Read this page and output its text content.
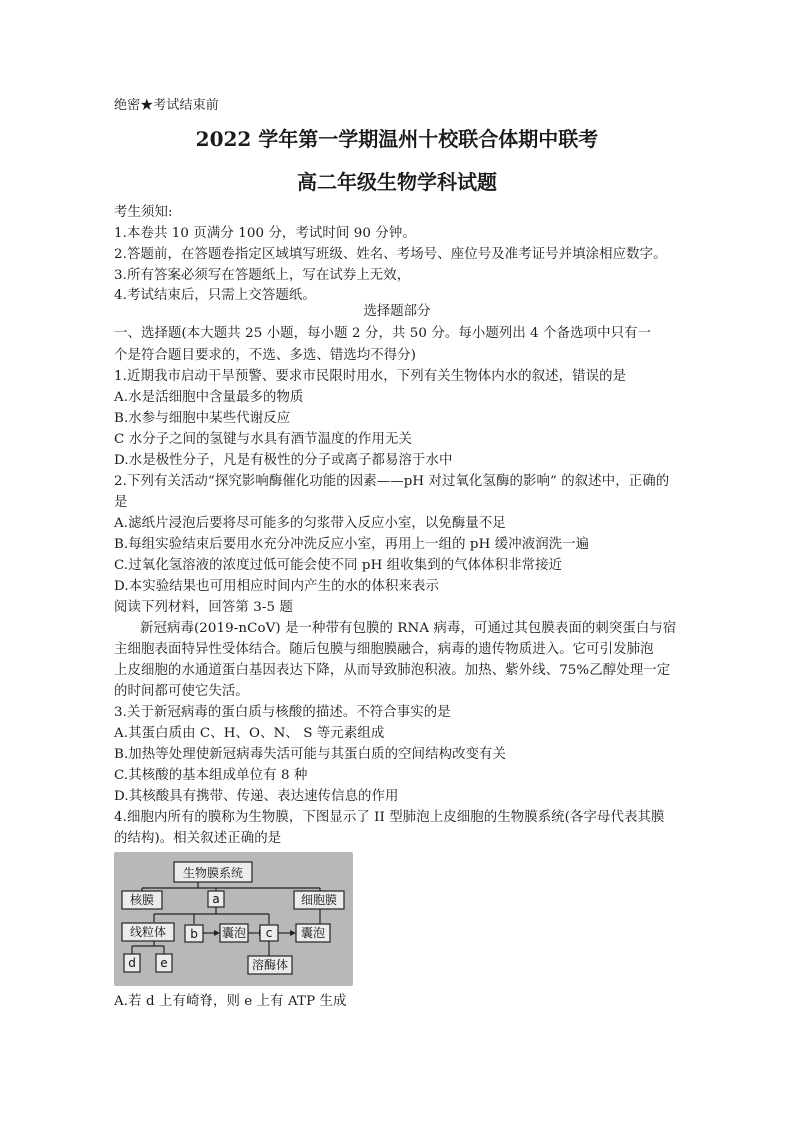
绝密★考试结束前
2022 学年第一学期温州十校联合体期中联考
高二年级生物学科试题
考生须知:
1.本卷共 10 页满分 100 分，考试时间 90 分钟。
2.答题前，在答题卷指定区域填写班级、姓名、考场号、座位号及准考证号并填涂相应数字。
3.所有答案必须写在答题纸上，写在试券上无效，
4.考试结束后，只需上交答题纸。
选择题部分
一、选择题(本大题共 25 小题，每小题 2 分，共 50 分。每小题列出 4 个备选项中只有一
个是符合题目要求的，不选、多选、错选均不得分)
1.近期我市启动干旱预警、要求市民限时用水，下列有关生物体内水的叙述，错误的是
A.水是活细胞中含量最多的物质
B.水参与细胞中某些代谢反应
C 水分子之间的氢键与水具有酒节温度的作用无关
D.水是极性分子，凡是有极性的分子或离子都易溶于水中
2.下列有关活动“探究影响酶催化功能的因素——pH 对过氧化氢酶的影响” 的叙述中，正确的
是
A.滤纸片浸泡后要将尽可能多的匀浆带入反应小室，以免酶量不足
B.每组实验结束后要用水充分冲洗反应小室，再用上一组的 pH 缓冲液润洗一遍
C.过氧化氢溶液的浓度过低可能会使不同 pH 组收集到的气体体积非常接近
D.本实验结果也可用相应时间内产生的水的体积来表示
阅读下列材料，回答第 3-5 题
新冠病毒(2019-nCoV) 是一种带有包膜的 RNA 病毒，可通过其包膜表面的刺突蛋白与宿
主细胞表面特异性受体结合。随后包膜与细胞膜融合，病毒的遗传物质进入。它可引发肺泡
上皮细胞的水通道蛋白基因表达下降，从而导致肺泡积液。加热、紫外线、75%乙醇处理一定
的时间都可使它失活。
3.关于新冠病毒的蛋白质与核酸的描述。不符合事实的是
A.其蛋白质由 C、H、O、N、 S 等元素组成
B.加热等处理使新冠病毒失活可能与其蛋白质的空间结构改变有关
C.其核酸的基本组成单位有 8 种
D.其核酸具有携带、传递、表达速传信息的作用
4.细胞内所有的膜称为生物膜，下图显示了 II 型肺泡上皮细胞的生物膜系统(各字母代表其膜
的结构)。相关叙述正确的是
生物膜系统
核膜	a	细胞膜
线粒体 b 囊泡 c 囊泡
d e	溶酶体
A.若 d 上有崎脊，则 e 上有 ATP 生成
